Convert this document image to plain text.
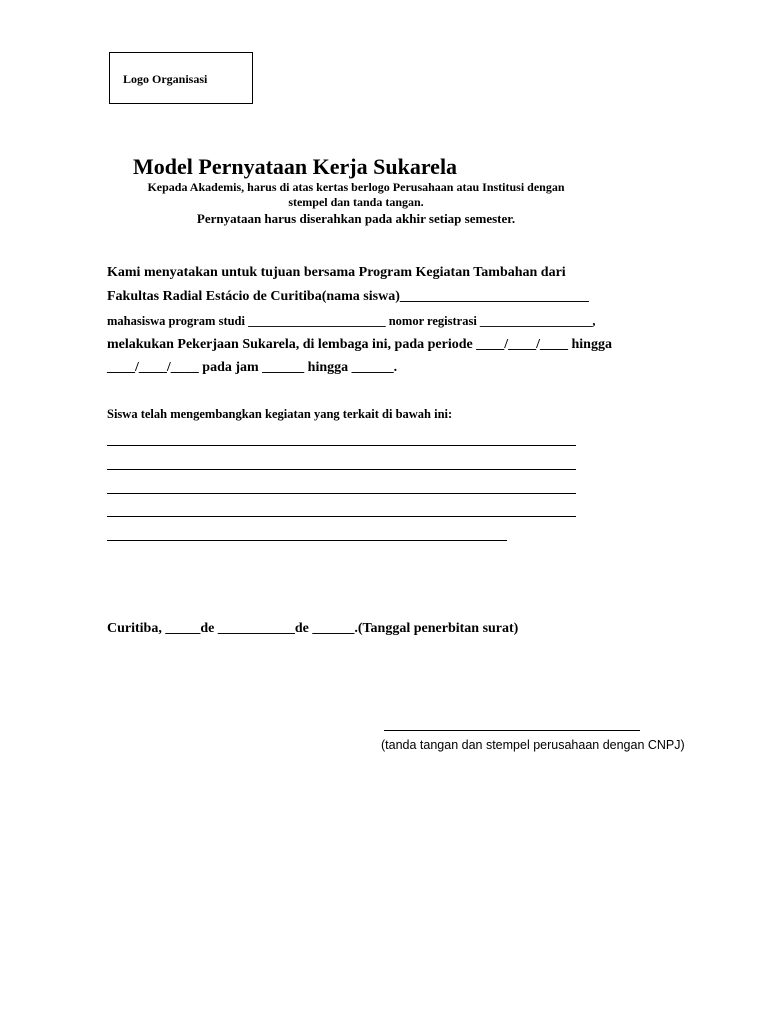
Logo Organisasi
Model Pernyataan Kerja Sukarela
Kepada Akademis, harus di atas kertas berlogo Perusahaan atau Institusi dengan
stempel dan tanda tangan.
Pernyataan harus diserahkan pada akhir setiap semester.
Kami menyatakan untuk tujuan bersama Program Kegiatan Tambahan dari
Fakultas Radial Estácio de Curitiba(nama siswa)___________________________
mahasiswa program studi ______________________ nomor registrasi __________________,
melakukan Pekerjaan Sukarela, di lembaga ini, pada periode ____/____/____ hingga
____/____/____ pada jam ______ hingga ______.
Siswa telah mengembangkan kegiatan yang terkait di bawah ini:
Curitiba, _____de ___________de ______.(Tanggal penerbitan surat)
(tanda tangan dan stempel perusahaan dengan CNPJ)
